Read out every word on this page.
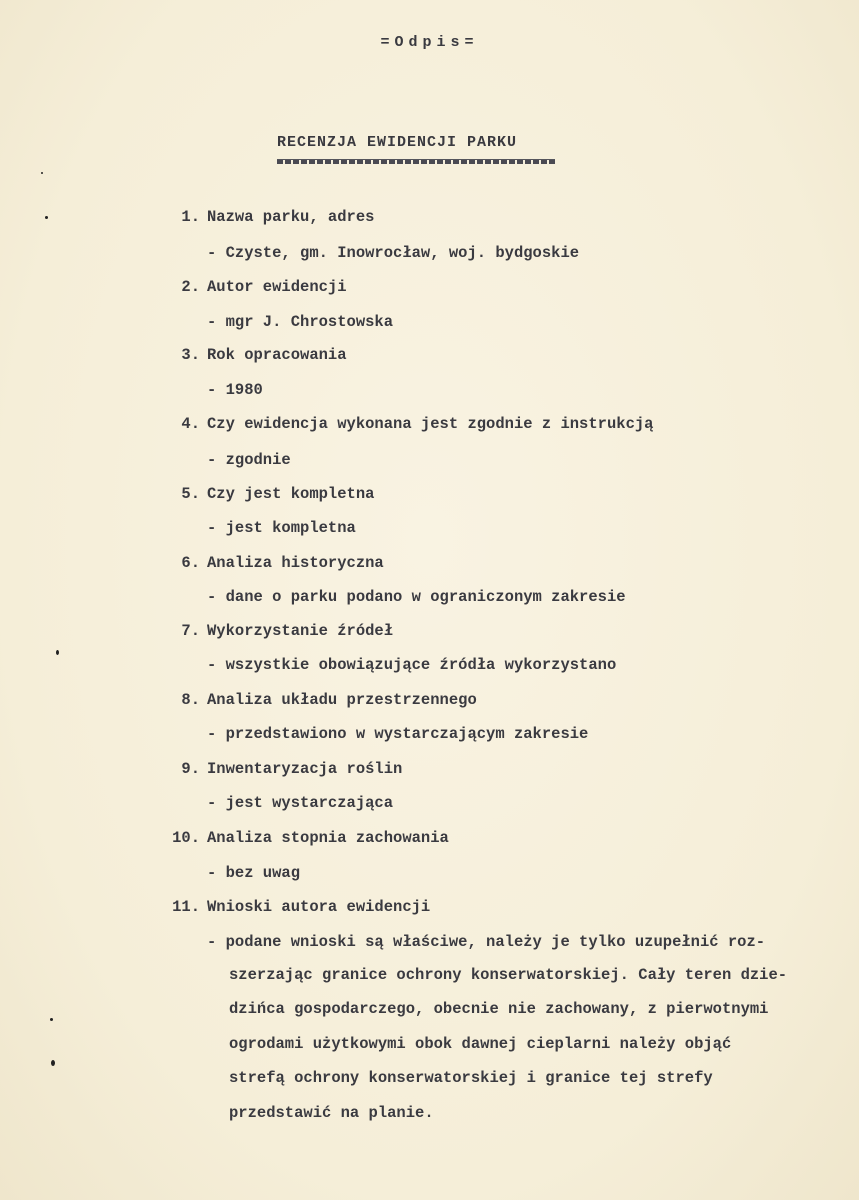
=Odpis=
RECENZJA EWIDENCJI PARKU
1. Nazwa parku, adres
- Czyste, gm. Inowrocław, woj. bydgoskie
2. Autor ewidencji
- mgr J. Chrostowska
3. Rok opracowania
- 1980
4. Czy ewidencja wykonana jest zgodnie z instrukcją
- zgodnie
5. Czy jest kompletna
- jest kompletna
6. Analiza historyczna
- dane o parku podano w ograniczonym zakresie
7. Wykorzystanie źródeł
- wszystkie obowiązujące źródła wykorzystano
8. Analiza układu przestrzennego
- przedstawiono w wystarczającym zakresie
9. Inwentaryzacja roślin
- jest wystarczająca
10. Analiza stopnia zachowania
- bez uwag
11. Wnioski autora ewidencji
- podane wnioski są właściwe, należy je tylko uzupełnić roz-
szerzając granice ochrony konserwatorskiej. Cały teren dzie-
dzińca gospodarczego, obecnie nie zachowany, z pierwotnymi
ogrodami użytkowymi obok dawnej cieplarni należy objąć
strefą ochrony konserwatorskiej i granice tej strefy
przedstawić na planie.
